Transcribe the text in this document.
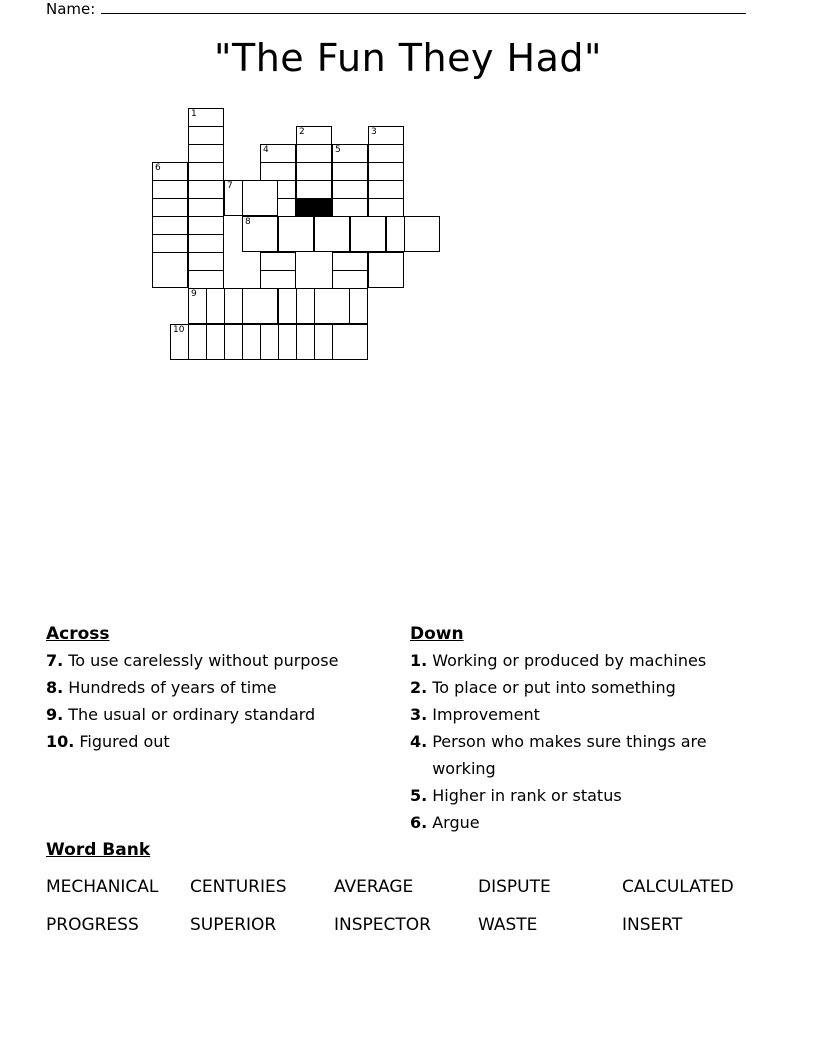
Name:
"The Fun They Had"
1
9
2	3
4	5
6
7
8
10
Across
7. To use carelessly without purpose
8. Hundreds of years of time
9. The usual or ordinary standard
10. Figured out
Down
1. Working or produced by machines
2. To place or put into something
3. Improvement
4. Person who makes sure things are working
5. Higher in rank or status
6. Argue
Word Bank
MECHANICAL	CENTURIES	AVERAGE	DISPUTE	CALCULATED
PROGRESS	SUPERIOR	INSPECTOR	WASTE	INSERT
